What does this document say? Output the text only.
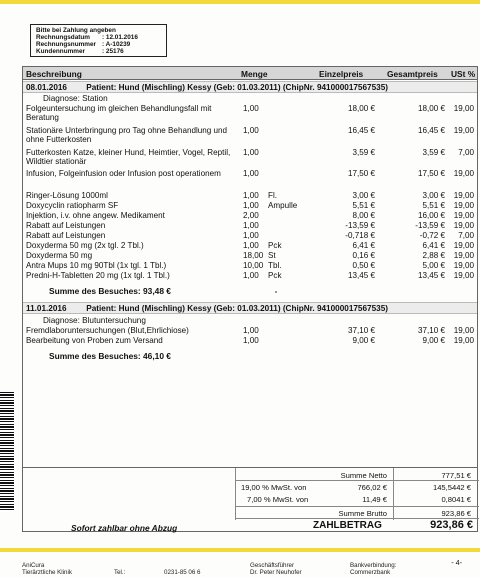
Bitte bei Zahlung angeben
Rechnungsdatum	: 12.01.2016
Rechnungsnummer : A-10239
Kundennummer	: 25176
Beschreibung	Menge	Einzelpreis	Gesamtpreis USt %
08.01.2016 Patient: Hund (Mischling) Kessy (Geb: 01.03.2011) (ChipNr. 941000017567535)
Diagnose: Station
Folgeuntersuchung im gleichen Behandlungsfall mit Beratung
1,00	18,00 €	18,00 € 19,00
Stationäre Unterbringung pro Tag ohne Behandlung und ohne Futterkosten
1,00	16,45 €	16,45 € 19,00
Futterkosten Katze, kleiner Hund, Heimtier, Vogel, Reptil, Wildtier stationär
1,00	3,59 €	3,59 € 7,00
Infusion, Folgeinfusion oder Infusion post operationem	1,00	17,50 €	17,50 € 19,00
Ringer-Lösung 1000ml	1,00 Fl.	3,00 €	3,00 € 19,00
Doxycyclin ratiopharm SF	1,00 Ampulle	5,51 €	5,51 € 19,00
Injektion, i.v. ohne angew. Medikament	2,00	8,00 €	16,00 € 19,00
Rabatt auf Leistungen	1,00	-13,59 €	-13,59 € 19,00
Rabatt auf Leistungen	1,00	-0,718 €	-0,72 € 7,00
Doxyderma 50 mg (2x tgl. 2 Tbl.)	1,00 Pck	6,41 €	6,41 € 19,00
Doxyderma 50 mg	18,00 St	0,16 €	2,88 € 19,00
Antra Mups 10 mg 90Tbl (1x tgl. 1 Tbl.)	10,00 Tbl.	0,50 €	5,00 € 19,00
Predni-H-Tabletten 20 mg (1x tgl. 1 Tbl.)	1,00 Pck	13,45 €	13,45 € 19,00
Summe des Besuches: 93,48 €
11.01.2016 Patient: Hund (Mischling) Kessy (Geb: 01.03.2011) (ChipNr. 941000017567535)
Diagnose: Blutuntersuchung
Fremdlaboruntersuchungen (Blut,Ehrlichiose)	1,00	37,10 €	37,10 € 19,00
Bearbeitung von Proben zum Versand	1,00	9,00 €	9,00 € 19,00
Summe des Besuches: 46,10 €
Summe Netto	777,51 €
19,00 % MwSt. von	766,02 €	145,5442 €
7,00 % MwSt. von	11,49 €	0,8041 €
Summe Brutto	923,86 €
Sofort zahlbar ohne Abzug	ZAHLBETRAG	923,86 €
- 4-
AniCura
Tierärztliche Klinik	Tel.:	0231-85 06 6
Geschäftsführer
Dr. Peter Neuhofer
Bankverbindung:
Commerzbank
